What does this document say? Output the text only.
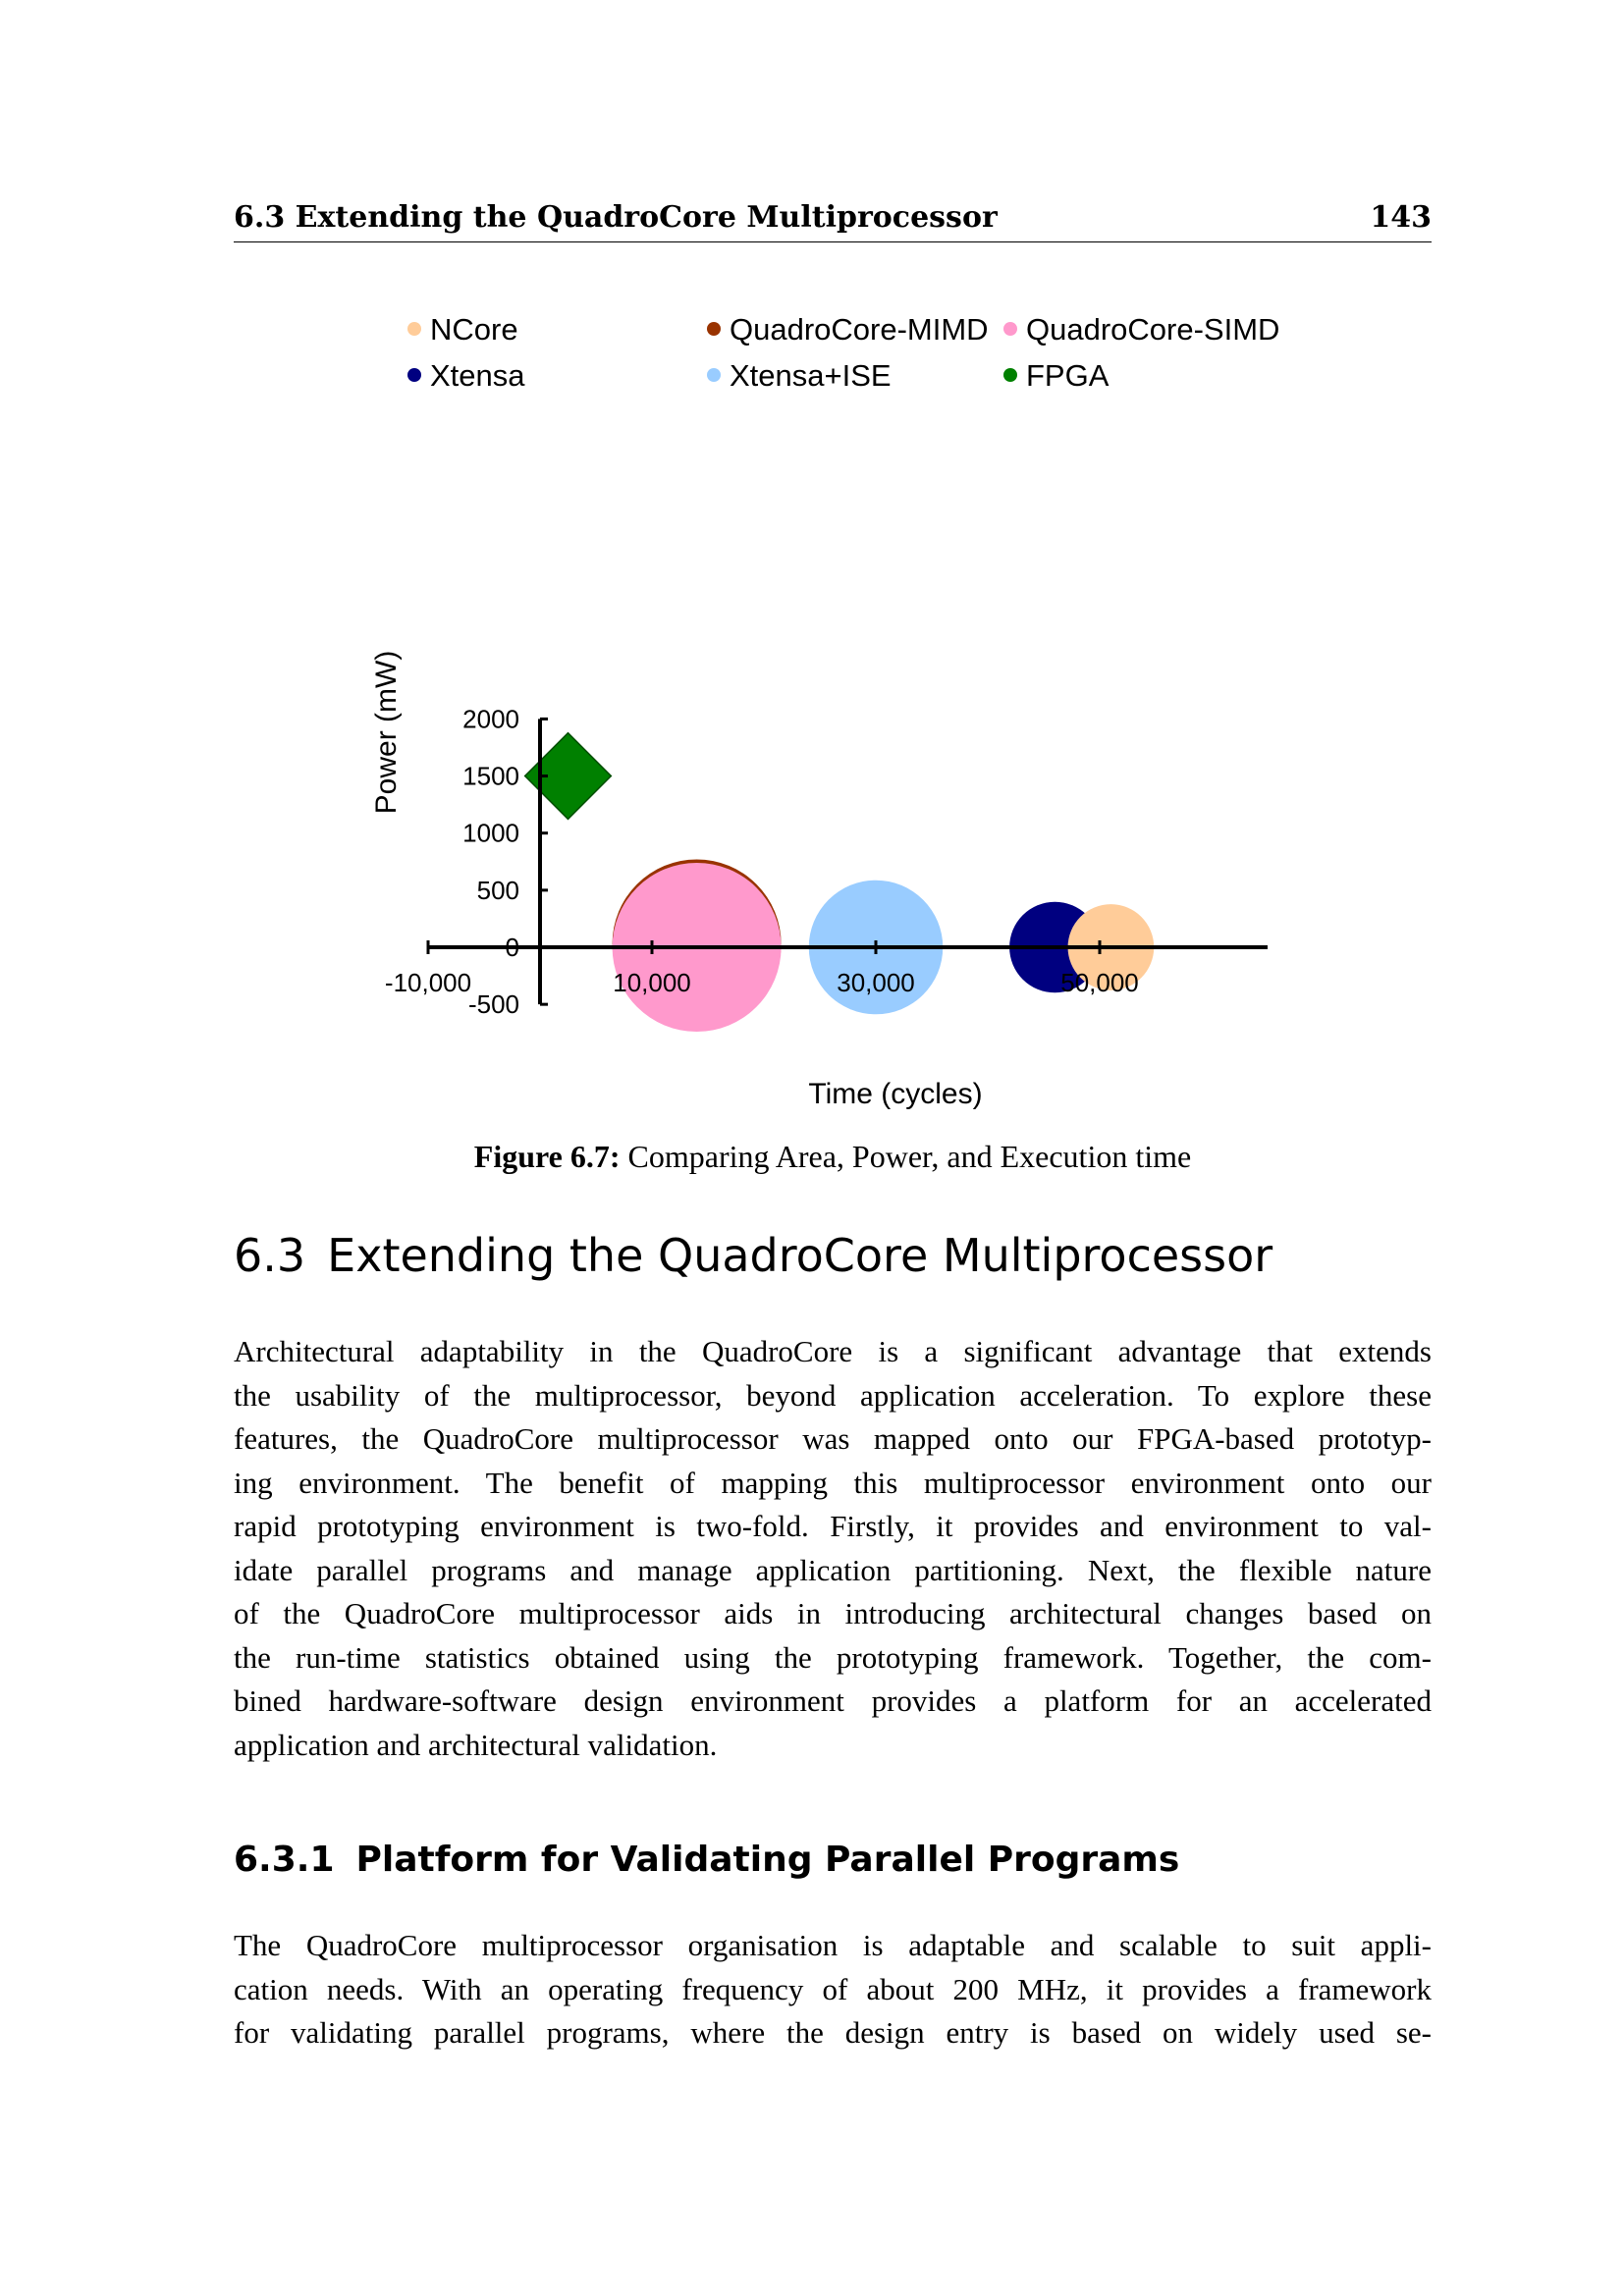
6.3 Extending the QuadroCore Multiprocessor	143
NCore	QuadroCore-MIMD QuadroCore-SIMD
Xtensa	Xtensa+ISE	FPGA
-500
0
500
1000
1500
2000
-10,000	10,000	30,000	50,000
Time (cycles)
Power (mW)
Figure 6.7: Comparing Area, Power, and Execution time
6.3 Extending the QuadroCore Multiprocessor
Architectural adaptability in the QuadroCore is a significant advantage that extends
the usability of the multiprocessor, beyond application acceleration. To explore these
features, the QuadroCore multiprocessor was mapped onto our FPGA-based prototyp-
ing environment. The benefit of mapping this multiprocessor environment onto our
rapid prototyping environment is two-fold. Firstly, it provides and environment to val-
idate parallel programs and manage application partitioning. Next, the flexible nature
of the QuadroCore multiprocessor aids in introducing architectural changes based on
the run-time statistics obtained using the prototyping framework. Together, the com-
bined hardware-software design environment provides a platform for an accelerated
application and architectural validation.
6.3.1 Platform for Validating Parallel Programs
The QuadroCore multiprocessor organisation is adaptable and scalable to suit appli-
cation needs. With an operating frequency of about 200 MHz, it provides a framework
for validating parallel programs, where the design entry is based on widely used se-
